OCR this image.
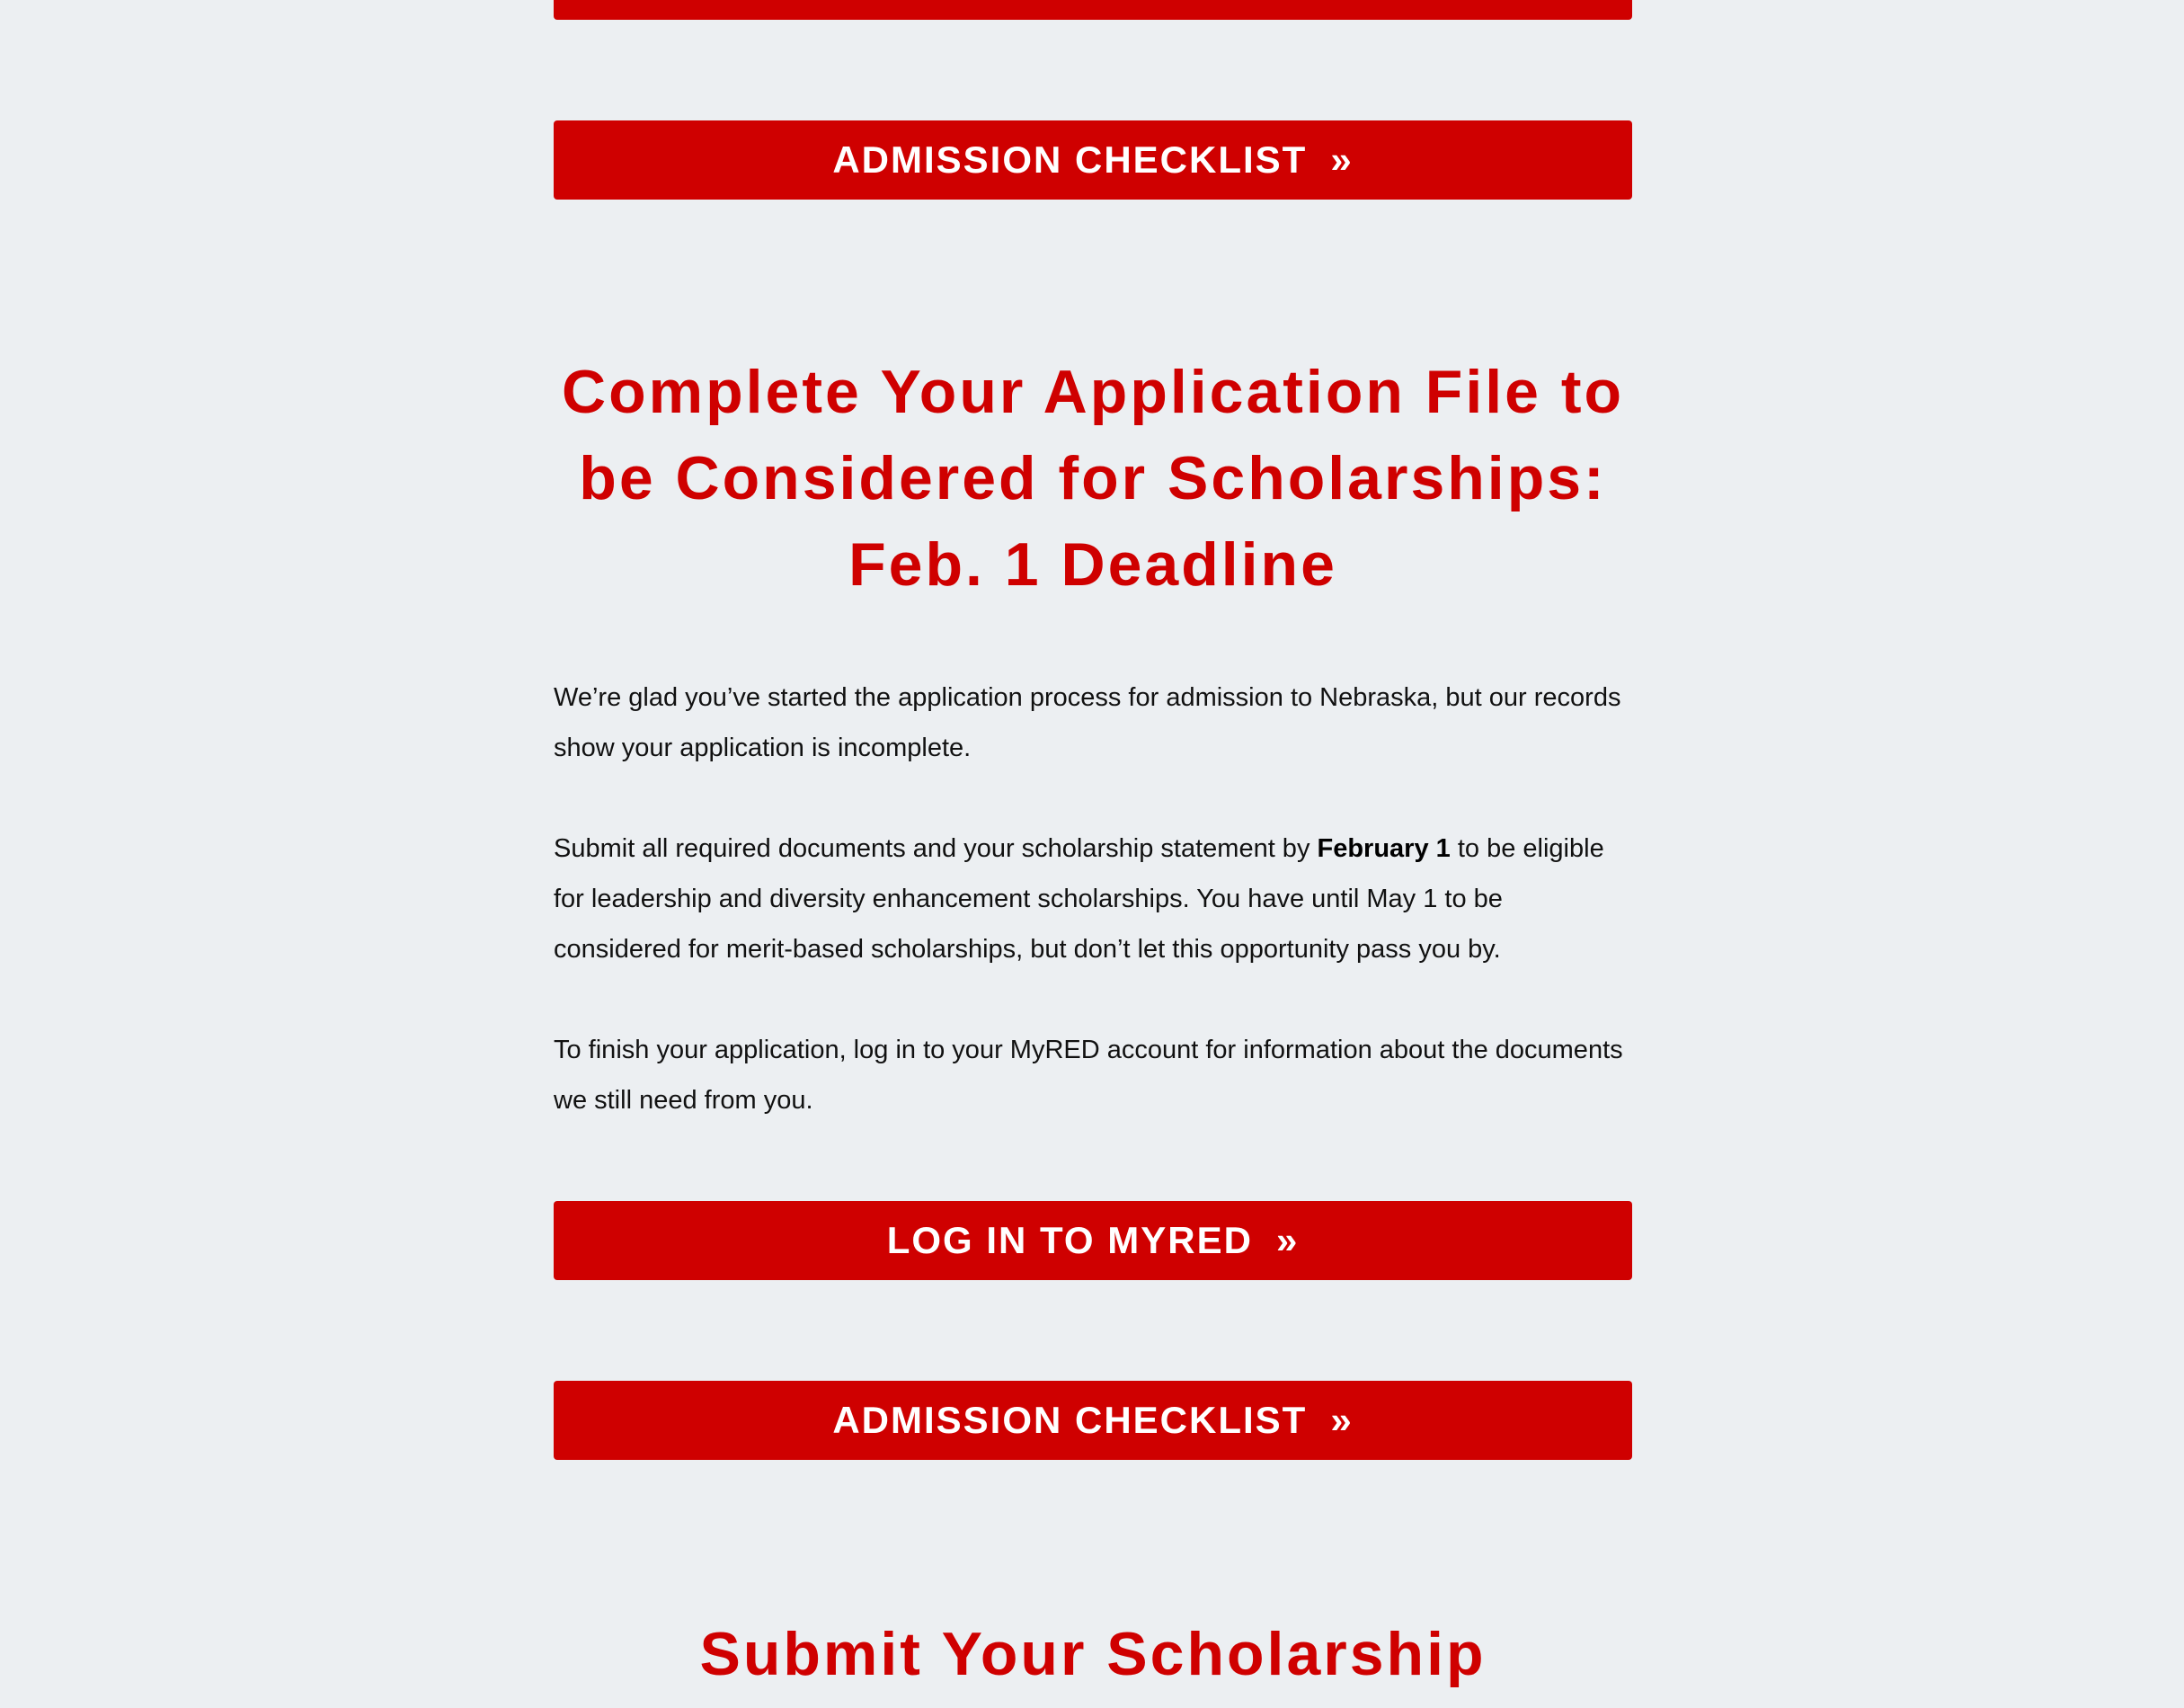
ADMISSION CHECKLIST »
Complete Your Application File to be Considered for Scholarships: Feb. 1 Deadline

We’re glad you’ve started the application process for admission to Nebraska, but our records show your application is incomplete.

Submit all required documents and your scholarship statement by February 1 to be eligible for leadership and diversity enhancement scholarships. You have until May 1 to be considered for merit-based scholarships, but don’t let this opportunity pass you by.

To finish your application, log in to your MyRED account for information about the documents we still need from you.

LOG IN TO MYRED »
ADMISSION CHECKLIST »
Submit Your Scholarship
